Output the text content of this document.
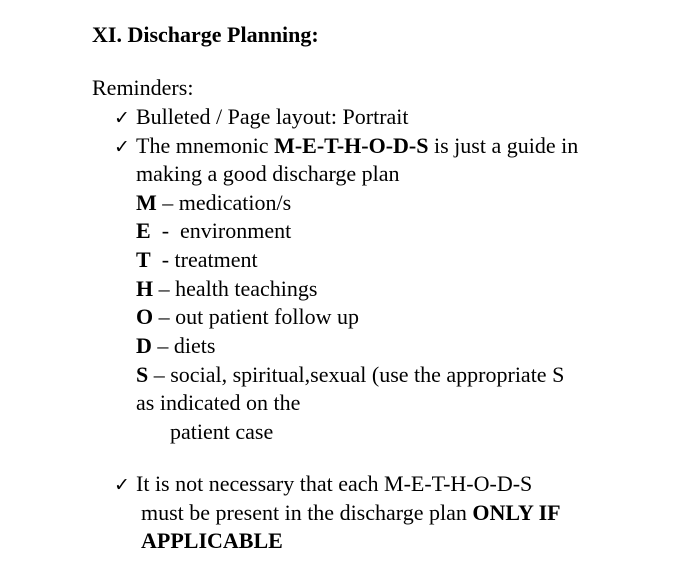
XI. Discharge Planning:
Reminders:
✓ Bulleted / Page layout: Portrait
✓ The mnemonic M-E-T-H-O-D-S is just a guide in
making a good discharge plan
M – medication/s
E  -  environment
T  - treatment
H – health teachings
O – out patient follow up
D – diets
S – social, spiritual,sexual (use the appropriate S
as indicated on the
patient case
✓ It is not necessary that each M-E-T-H-O-D-S
must be present in the discharge plan ONLY IF
APPLICABLE
